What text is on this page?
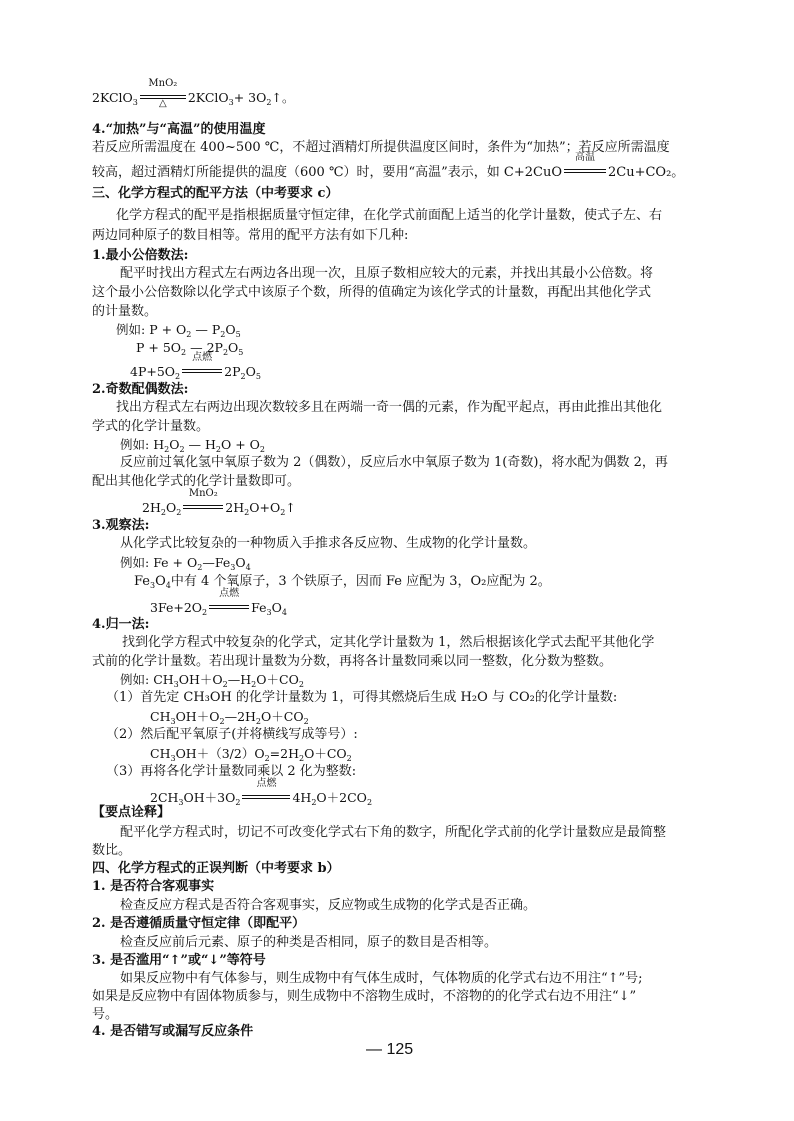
2KClO$_3$
MnO₂
△	2KClO$_3$+ $3O_2↑$。
4.“加热”与“高温”的使用温度
若反应所需温度在 400~500 ℃，不超过酒精灯所提供温度区间时，条件为“加热”；若反应所需温度
较高，超过酒精灯所能提供的温度（600 ℃）时，要用“高温”表示，如 C+2CuO
高温
2Cu+CO₂。
三、化学方程式的配平方法（中考要求 c）
化学方程式的配平是指根据质量守恒定律，在化学式前面配上适当的化学计量数，使式子左、右
两边同种原子的数目相等。常用的配平方法有如下几种:
1.最小公倍数法:
配平时找出方程式左右两边各出现一次，且原子数相应较大的元素，并找出其最小公倍数。将
这个最小公倍数除以化学式中该原子个数，所得的值确定为该化学式的计量数，再配出其他化学式
的计量数。
例如: $P + O_2$ — $P_2O_5$
$P + 5O_2$ — $2P_2O_5$
$4P+5O_2$
点燃
$2P_2O_5$
2.奇数配偶数法:
找出方程式左右两边出现次数较多且在两端一奇一偶的元素，作为配平起点，再由此推出其他化
学式的化学计量数。
例如: $H_2O_2$ — $H_2O + O_2$
反应前过氧化氢中氧原子数为 2（偶数），反应后水中氧原子数为 1(奇数)，将水配为偶数 2，再
配出其他化学式的化学计量数即可。
$2H_2O_2$
MnO₂
$2H_2O+O_2↑$
3.观察法:
从化学式比较复杂的一种物质入手推求各反应物、生成物的化学计量数。
例如: $Fe + O_2—Fe_3O_4$
$Fe_3O_4$中有 4 个氧原子，3 个铁原子，因而 Fe 应配为 3，O₂应配为 2。
$3Fe+2O_2$
点燃
$Fe_3O_4$
4.归一法:
找到化学方程式中较复杂的化学式，定其化学计量数为 1，然后根据该化学式去配平其他化学
式前的化学计量数。若出现计量数为分数，再将各计量数同乘以同一整数，化分数为整数。
例如: $CH_3OH+O_2—H_2O+CO_2$
（1）首先定 CH₃OH 的化学计量数为 1，可得其燃烧后生成 H₂O 与 CO₂的化学计量数:
$CH_3OH+O_2—2H_2O+CO_2$
（2）然后配平氧原子(并将横线写成等号）:
$CH_3OH+(3/2)O_2=2H_2O+CO_2$
（3）再将各化学计量数同乘以 2 化为整数:
$2CH_3OH+3O_2$
点燃
$4H_2O+2CO_2$
【要点诠释】
配平化学方程式时，切记不可改变化学式右下角的数字，所配化学式前的化学计量数应是最简整
数比。
四、化学方程式的正误判断（中考要求 b）
1. 是否符合客观事实
检查反应方程式是否符合客观事实，反应物或生成物的化学式是否正确。
2. 是否遵循质量守恒定律（即配平）
检查反应前后元素、原子的种类是否相同，原子的数目是否相等。
3. 是否滥用“↑”或“↓”等符号
如果反应物中有气体参与，则生成物中有气体生成时，气体物质的化学式右边不用注“↑”号;
如果是反应物中有固体物质参与，则生成物中不溶物生成时，不溶物的的化学式右边不用注“↓”
号。
4. 是否错写或漏写反应条件
— 125
